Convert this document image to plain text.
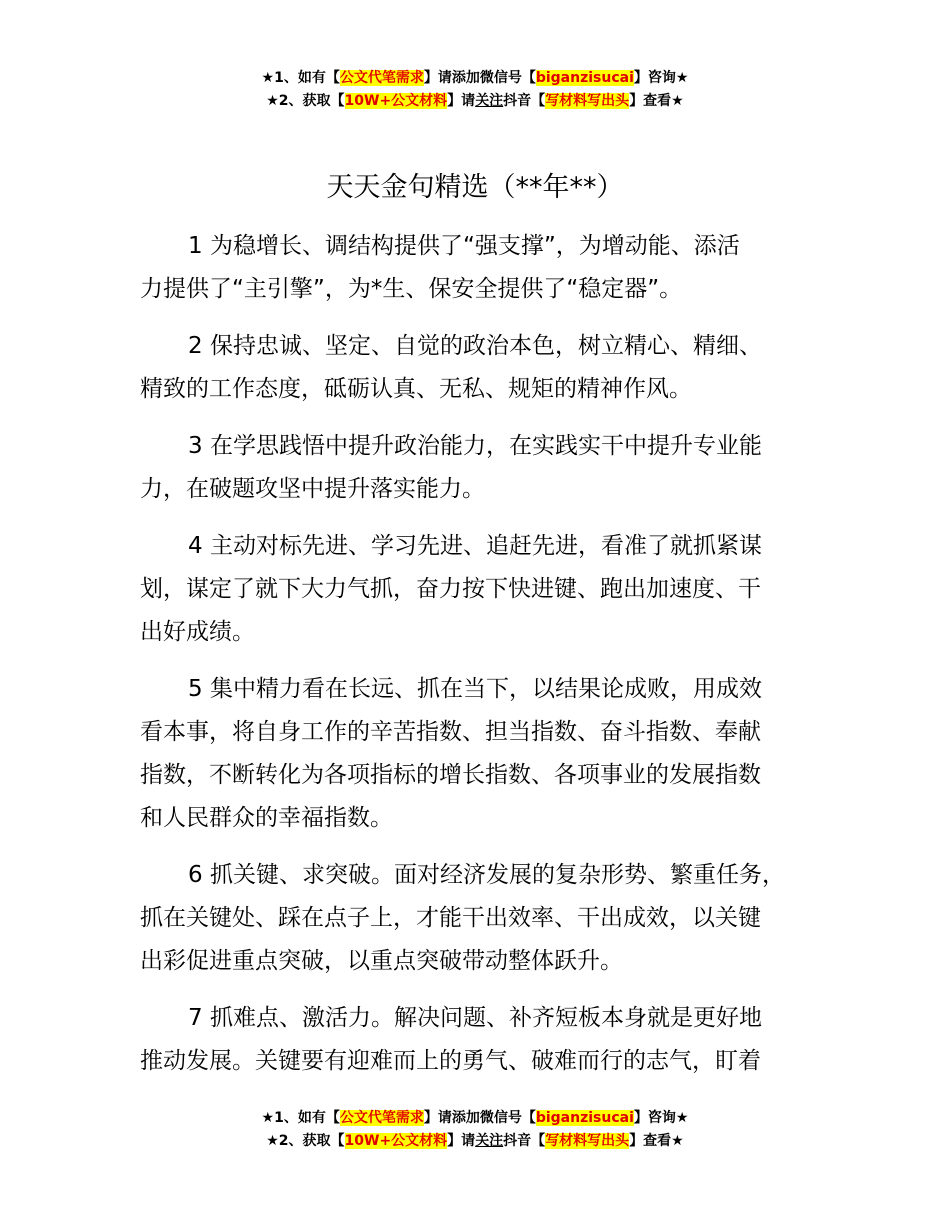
★1、如有【公文代笔需求】请添加微信号【biganzisucai】咨询★
★2、获取【10W+公文材料】请关注抖音【写材料写出头】查看★
天天金句精选（**年**）

1 为稳增长、调结构提供了“强支撑”，为增动能、添活
力提供了“主引擎”，为*生、保安全提供了“稳定器”。

2 保持忠诚、坚定、自觉的政治本色，树立精心、精细、
精致的工作态度，砥砺认真、无私、规矩的精神作风。

3 在学思践悟中提升政治能力，在实践实干中提升专业能
力，在破题攻坚中提升落实能力。

4 主动对标先进、学习先进、追赶先进，看准了就抓紧谋
划，谋定了就下大力气抓，奋力按下快进键、跑出加速度、干
出好成绩。

5 集中精力看在长远、抓在当下，以结果论成败，用成效
看本事，将自身工作的辛苦指数、担当指数、奋斗指数、奉献
指数，不断转化为各项指标的增长指数、各项事业的发展指数
和人民群众的幸福指数。

6 抓关键、求突破。面对经济发展的复杂形势、繁重任务，
抓在关键处、踩在点子上，才能干出效率、干出成效，以关键
出彩促进重点突破，以重点突破带动整体跃升。

7 抓难点、激活力。解决问题、补齐短板本身就是更好地
推动发展。关键要有迎难而上的勇气、破难而行的志气，盯着

★1、如有【公文代笔需求】请添加微信号【biganzisucai】咨询★
★2、获取【10W+公文材料】请关注抖音【写材料写出头】查看★
